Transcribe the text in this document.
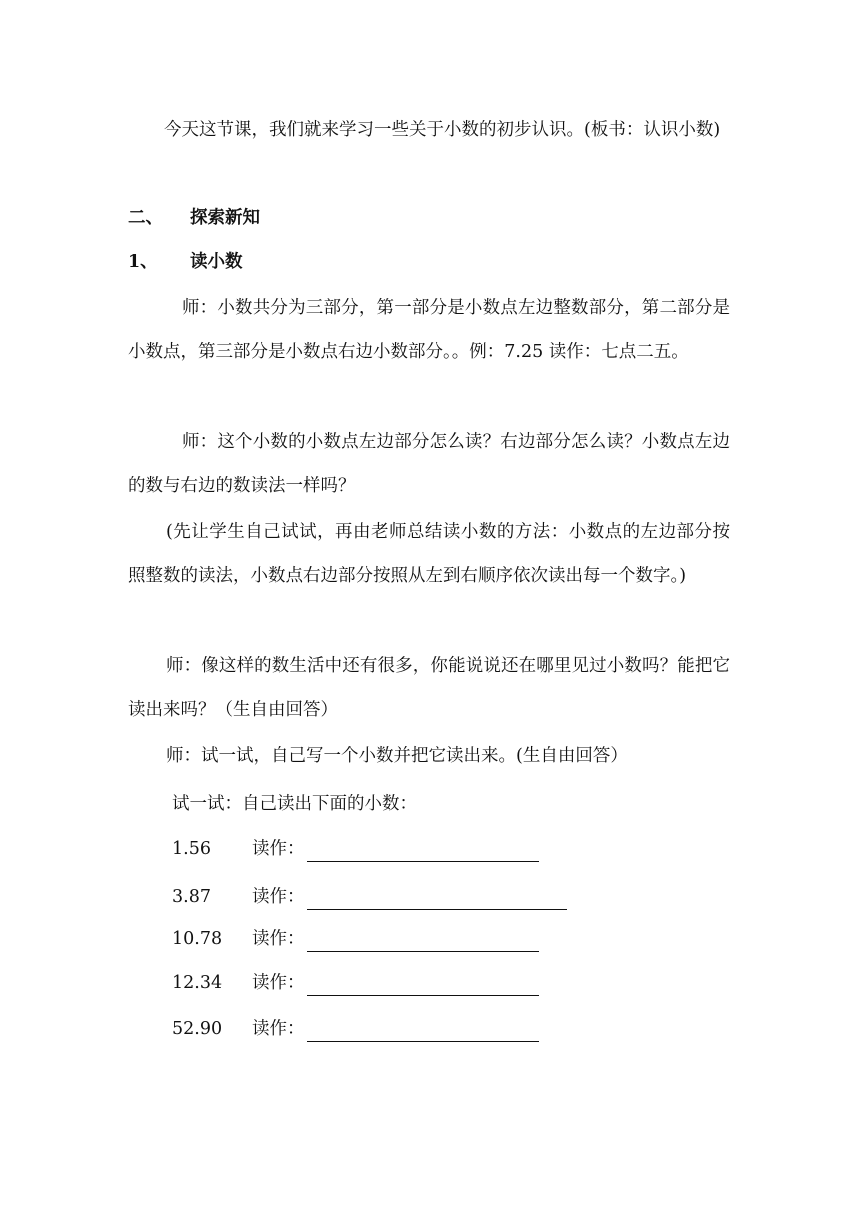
今天这节课，我们就来学习一些关于小数的初步认识。(板书：认识小数)

二、 探索新知
1、 读小数

师：小数共分为三部分，第一部分是小数点左边整数部分，第二部分是小数点，第三部分是小数点右边小数部分。。例：7.25 读作：七点二五。

师：这个小数的小数点左边部分怎么读？右边部分怎么读？小数点左边的数与右边的数读法一样吗？

(先让学生自己试试，再由老师总结读小数的方法：小数点的左边部分按照整数的读法，小数点右边部分按照从左到右顺序依次读出每一个数字。)

师：像这样的数生活中还有很多，你能说说还在哪里见过小数吗？能把它读出来吗？（生自由回答）

师：试一试，自己写一个小数并把它读出来。(生自由回答）

试一试：自己读出下面的小数：

1.56 读作：
3.87 读作：
10.78 读作：
12.34 读作：
52.90 读作：
